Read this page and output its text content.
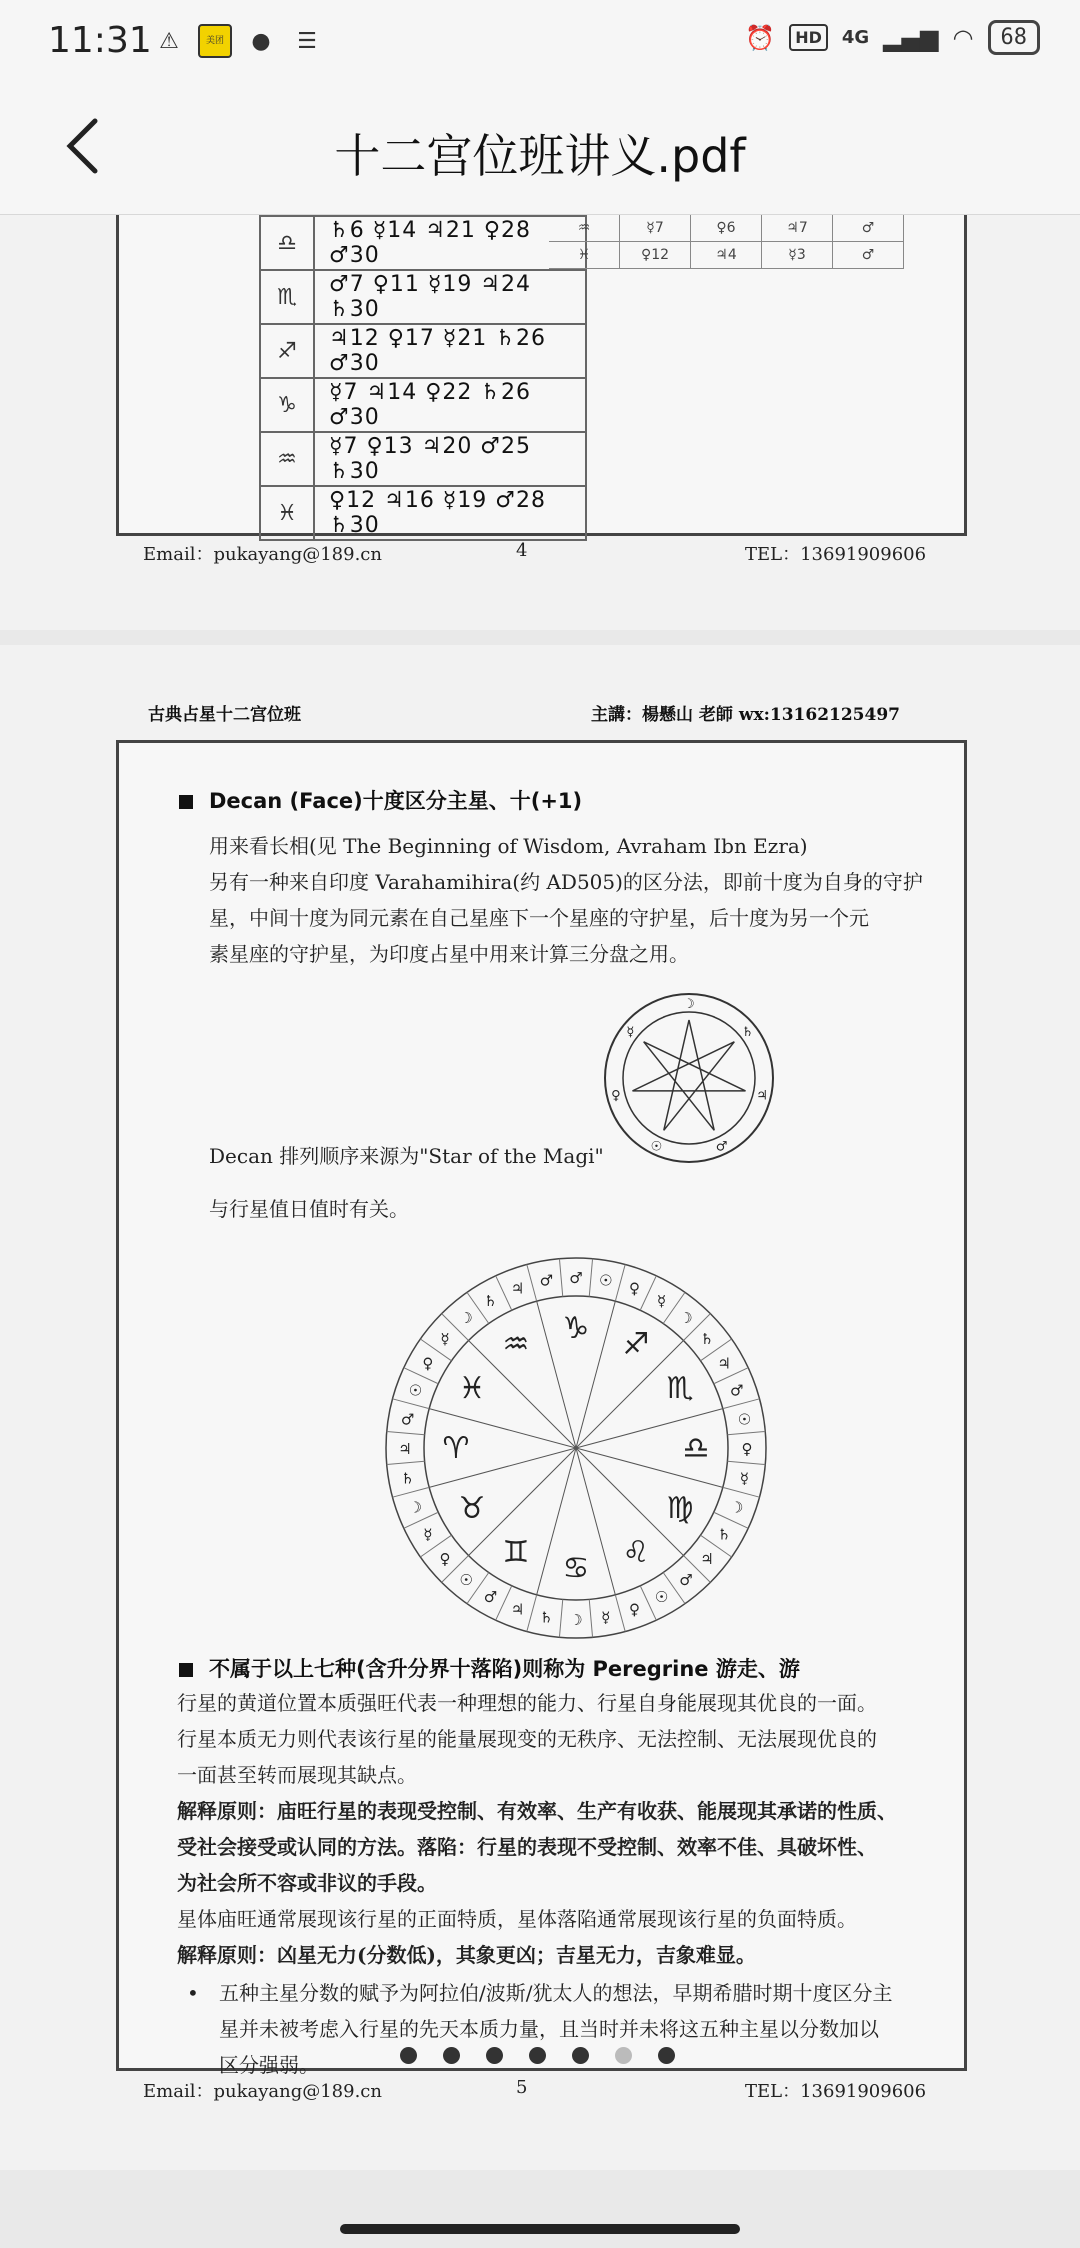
11:31 ⚠	美团	●	☰	⏰	HD	4G ▂▄▆ ◠	68
十二宫位班讲义.pdf
♎	♄6 ☿14 ♃21 ♀28 ♂30
♏	♂7 ♀11 ☿19 ♃24 ♄30
♐	♃12 ♀17 ☿21 ♄26 ♂30
♑	☿7 ♃14 ♀22 ♄26 ♂30
♒	☿7 ♀13 ♃20 ♂25 ♄30
♓	♀12 ♃16 ☿19 ♂28 ♄30
♒	☿7	♀6	♃7	♂
♓	♀12	♃4	☿3	♂
Email：pukayang@189.cn	4	TEL：13691909606
古典占星十二宫位班	主講：楊懸山 老師 wx:13162125497
Decan (Face)十度区分主星、十(+1)
用来看长相(见 The Beginning of Wisdom, Avraham Ibn Ezra)
另有一种来自印度 Varahamihira(约 AD505)的区分法，即前十度为自身的守护
星，中间十度为同元素在自己星座下一个星座的守护星，后十度为另一个元
素星座的守护星，为印度占星中用来计算三分盘之用。
☽
♄
♃
♂
☉
♀
☿
Decan 排列顺序来源为"Star of the Magi"
与行星值日值时有关。
♂ ☉ ♀
☿
☽
♄
♃
♂
☉
♀
☿
☽
♄
♃
♂
☉
♀
☿
☽
♄
♃
♂
☉
♀
☿
☽
♄
♃
♂
☉
♀
☿
☽
♄
♃ ♂
♑ ♐
♏
♎
♍
♌
♋
♊
♉
♈
♓
♒
不属于以上七种(含升分界十落陷)则称为 Peregrine 游走、游
行星的黄道位置本质强旺代表一种理想的能力、行星自身能展现其优良的一面。
行星本质无力则代表该行星的能量展现变的无秩序、无法控制、无法展现优良的
一面甚至转而展现其缺点。
解释原则：庙旺行星的表现受控制、有效率、生产有收获、能展现其承诺的性质、
受社会接受或认同的方法。落陷：行星的表现不受控制、效率不佳、具破坏性、
为社会所不容或非议的手段。
星体庙旺通常展现该行星的正面特质，星体落陷通常展现该行星的负面特质。
解释原则：凶星无力(分数低)，其象更凶；吉星无力，吉象难显。
• 五种主星分数的赋予为阿拉伯/波斯/犹太人的想法，早期希腊时期十度区分主
星并未被考虑入行星的先天本质力量，且当时并未将这五种主星以分数加以
区分强弱。
Email：pukayang@189.cn	5	TEL：13691909606
